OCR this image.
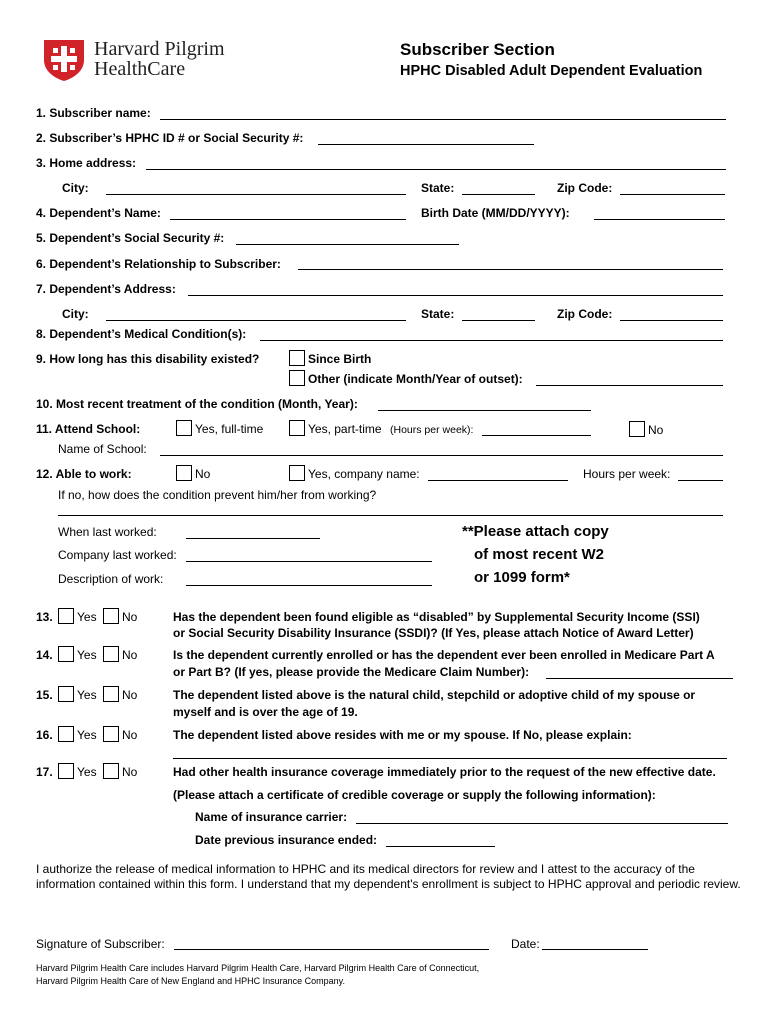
Harvard Pilgrim
HealthCare
Subscriber Section
HPHC Disabled Adult Dependent Evaluation
1. Subscriber name:
2. Subscriber’s HPHC ID # or Social Security #:
3. Home address:
City:	State:	Zip Code:
4. Dependent’s Name:	Birth Date (MM/DD/YYYY):
5. Dependent’s Social Security #:
6. Dependent’s Relationship to Subscriber:
7. Dependent’s Address:
City:	State:	Zip Code:
8. Dependent’s Medical Condition(s):
9. How long has this disability existed?	Since Birth
Other (indicate Month/Year of outset):
10. Most recent treatment of the condition (Month, Year):
11. Attend School:	Yes, full-time	Yes, part-time (Hours per week):	No
Name of School:
12. Able to work:	No	Yes, company name:	Hours per week:
If no, how does the condition prevent him/her from working?
When last worked:
Company last worked:
Description of work:
**Please attach copy
of most recent W2
or 1099 form*
13. Yes No	Has the dependent been found eligible as “disabled” by Supplemental Security Income (SSI)
or Social Security Disability Insurance (SSDI)? (If Yes, please attach Notice of Award Letter)
14. Yes No	Is the dependent currently enrolled or has the dependent ever been enrolled in Medicare Part A
or Part B? (If yes, please provide the Medicare Claim Number):
15. Yes No	The dependent listed above is the natural child, stepchild or adoptive child of my spouse or
myself and is over the age of 19.
16. Yes No	The dependent listed above resides with me or my spouse. If No, please explain:
17. Yes No	Had other health insurance coverage immediately prior to the request of the new effective date.
(Please attach a certificate of credible coverage or supply the following information):
Name of insurance carrier:
Date previous insurance ended:
I authorize the release of medical information to HPHC and its medical directors for review and I attest to the accuracy of the information contained within this form. I understand that my dependent's enrollment is subject to HPHC approval and periodic review.
Signature of Subscriber:	Date:
Harvard Pilgrim Health Care includes Harvard Pilgrim Health Care, Harvard Pilgrim Health Care of Connecticut,
Harvard Pilgrim Health Care of New England and HPHC Insurance Company.
